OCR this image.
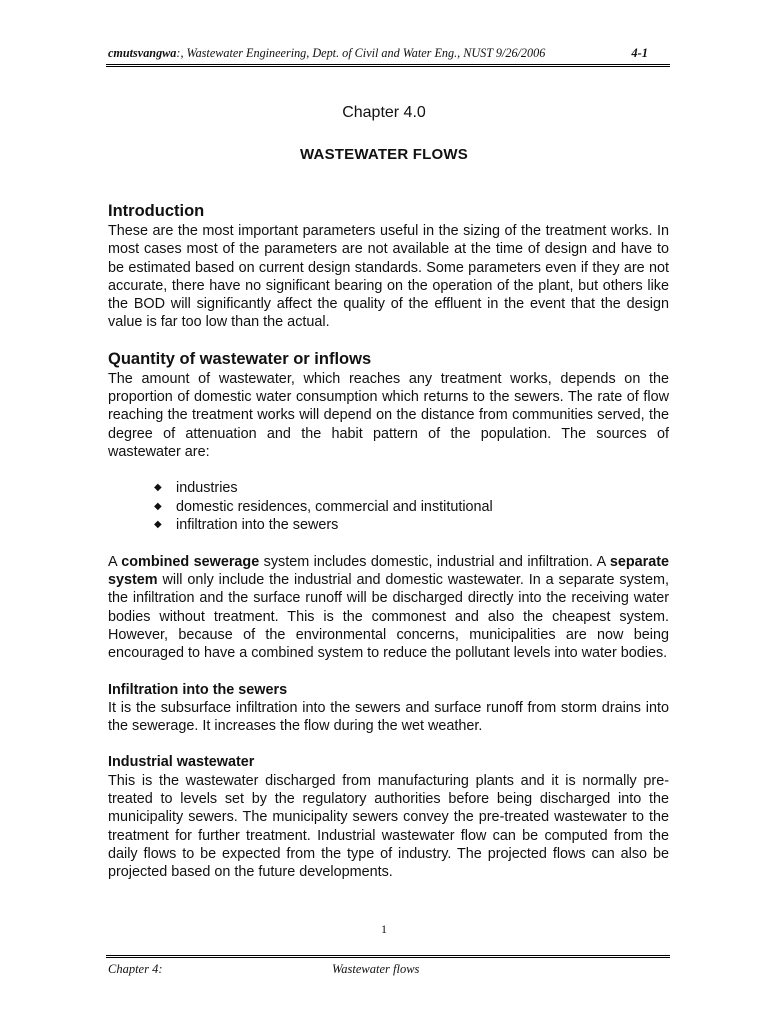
cmutsvangwa:, Wastewater Engineering, Dept. of Civil and Water Eng., NUST 9/26/2006	4-1
Chapter 4.0
WASTEWATER FLOWS
Introduction

These are the most important parameters useful in the sizing of the treatment works. In most cases most of the parameters are not available at the time of design and have to be estimated based on current design standards. Some parameters even if they are not accurate, there have no significant bearing on the operation of the plant, but others like the BOD will significantly affect the quality of the effluent in the event that the design value is far too low than the actual.

Quantity of wastewater or inflows

The amount of wastewater, which reaches any treatment works, depends on the proportion of domestic water consumption which returns to the sewers. The rate of flow reaching the treatment works will depend on the distance from communities served, the degree of attenuation and the habit pattern of the population. The sources of wastewater are:

◆ industries
◆ domestic residences, commercial and institutional
◆ infiltration into the sewers

A combined sewerage system includes domestic, industrial and infiltration. A separate system will only include the industrial and domestic wastewater. In a separate system, the infiltration and the surface runoff will be discharged directly into the receiving water bodies without treatment. This is the commonest and also the cheapest system. However, because of the environmental concerns, municipalities are now being encouraged to have a combined system to reduce the pollutant levels into water bodies.

Infiltration into the sewers

It is the subsurface infiltration into the sewers and surface runoff from storm drains into the sewerage. It increases the flow during the wet weather.

Industrial wastewater

This is the wastewater discharged from manufacturing plants and it is normally pre-treated to levels set by the regulatory authorities before being discharged into the municipality sewers. The municipality sewers convey the pre-treated wastewater to the treatment for further treatment. Industrial wastewater flow can be computed from the daily flows to be expected from the type of industry. The projected flows can also be projected based on the future developments.

1
Chapter 4:	Wastewater flows
